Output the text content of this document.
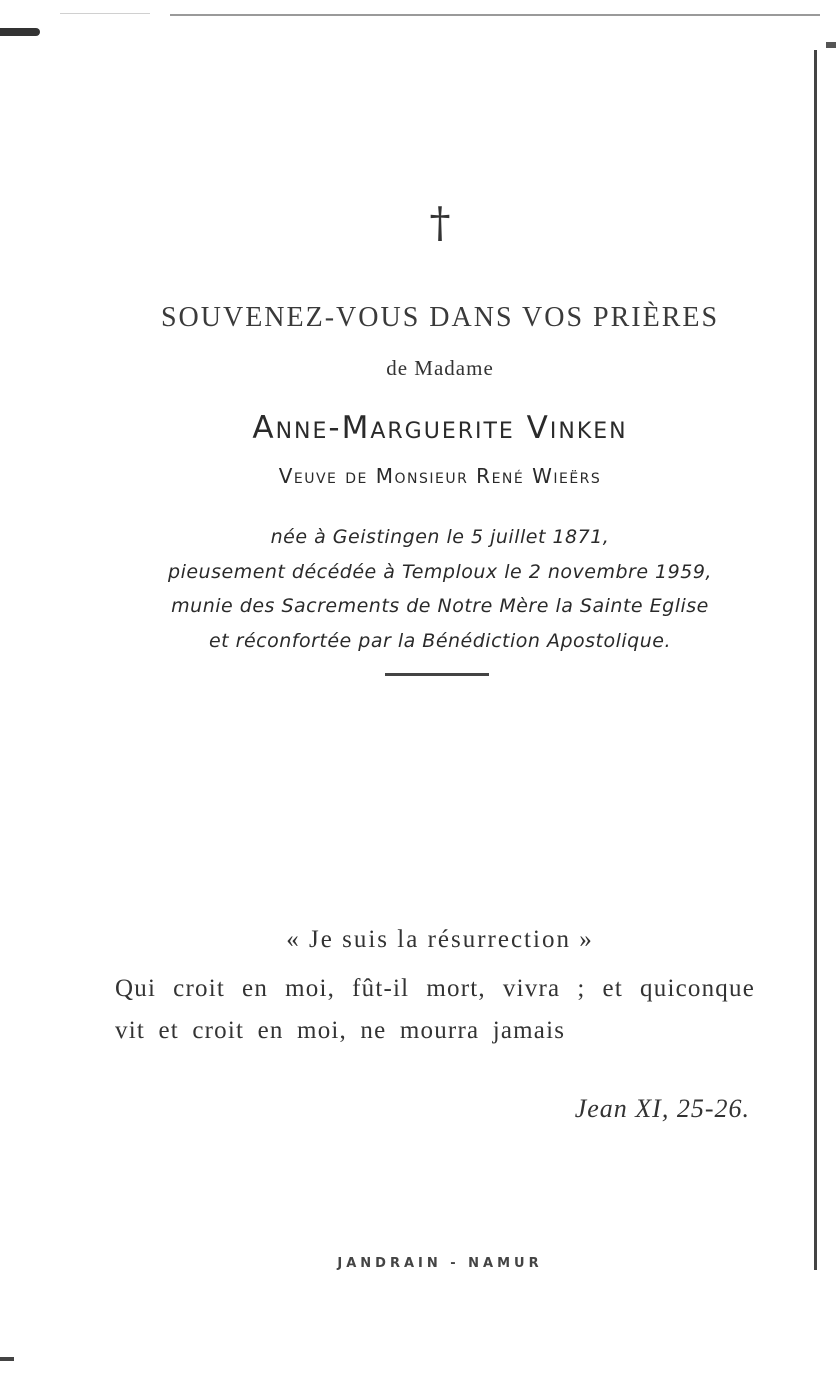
†
SOUVENEZ-VOUS DANS VOS PRIÈRES
de Madame
Anne-Marguerite Vinken
Veuve de Monsieur René Wieërs
née à Geistingen le 5 juillet 1871,
pieusement décédée à Temploux le 2 novembre 1959,
munie des Sacrements de Notre Mère la Sainte Eglise
et réconfortée par la Bénédiction Apostolique.
« Je suis la résurrection »
Qui croit en moi, fût-il mort, vivra ; et quiconque vit et croit en moi, ne mourra jamais
Jean XI, 25-26.
JANDRAIN - NAMUR
